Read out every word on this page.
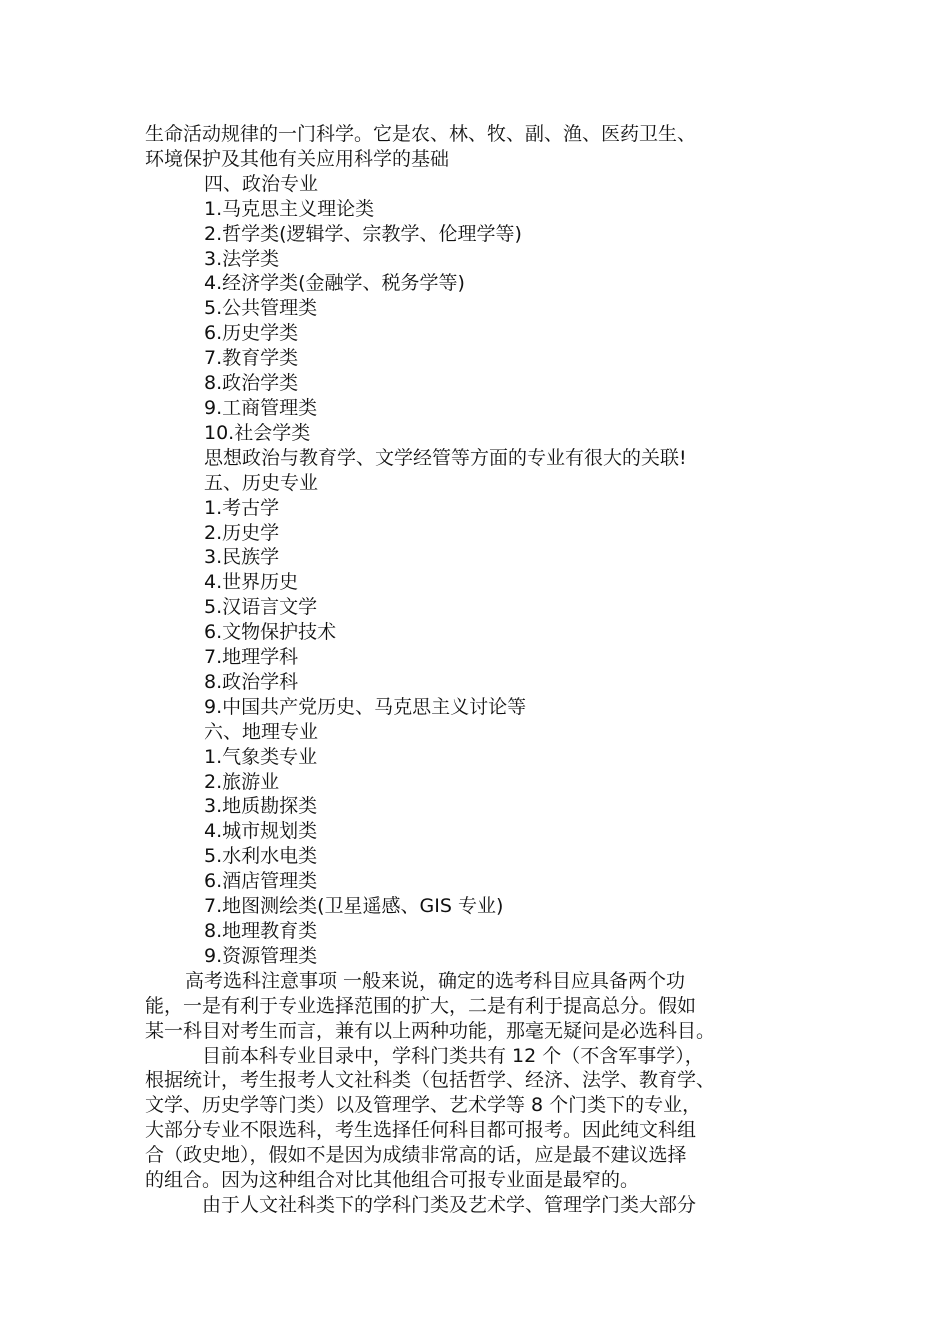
生命活动规律的一门科学。它是农、林、牧、副、渔、医药卫生、
环境保护及其他有关应用科学的基础
四、政治专业
1.马克思主义理论类
2.哲学类(逻辑学、宗教学、伦理学等)
3.法学类
4.经济学类(金融学、税务学等)
5.公共管理类
6.历史学类
7.教育学类
8.政治学类
9.工商管理类
10.社会学类
思想政治与教育学、文学经管等方面的专业有很大的关联!
五、历史专业
1.考古学
2.历史学
3.民族学
4.世界历史
5.汉语言文学
6.文物保护技术
7.地理学科
8.政治学科
9.中国共产党历史、马克思主义讨论等
六、地理专业
1.气象类专业
2.旅游业
3.地质勘探类
4.城市规划类
5.水利水电类
6.酒店管理类
7.地图测绘类(卫星遥感、GIS 专业)
8.地理教育类
9.资源管理类
高考选科注意事项 一般来说，确定的选考科目应具备两个功
能，一是有利于专业选择范围的扩大，二是有利于提高总分。假如
某一科目对考生而言，兼有以上两种功能，那毫无疑问是必选科目。
目前本科专业目录中，学科门类共有 12 个（不含军事学），
根据统计，考生报考人文社科类（包括哲学、经济、法学、教育学、
文学、历史学等门类）以及管理学、艺术学等 8 个门类下的专业，
大部分专业不限选科，考生选择任何科目都可报考。因此纯文科组
合（政史地），假如不是因为成绩非常高的话，应是最不建议选择
的组合。因为这种组合对比其他组合可报专业面是最窄的。
由于人文社科类下的学科门类及艺术学、管理学门类大部分
